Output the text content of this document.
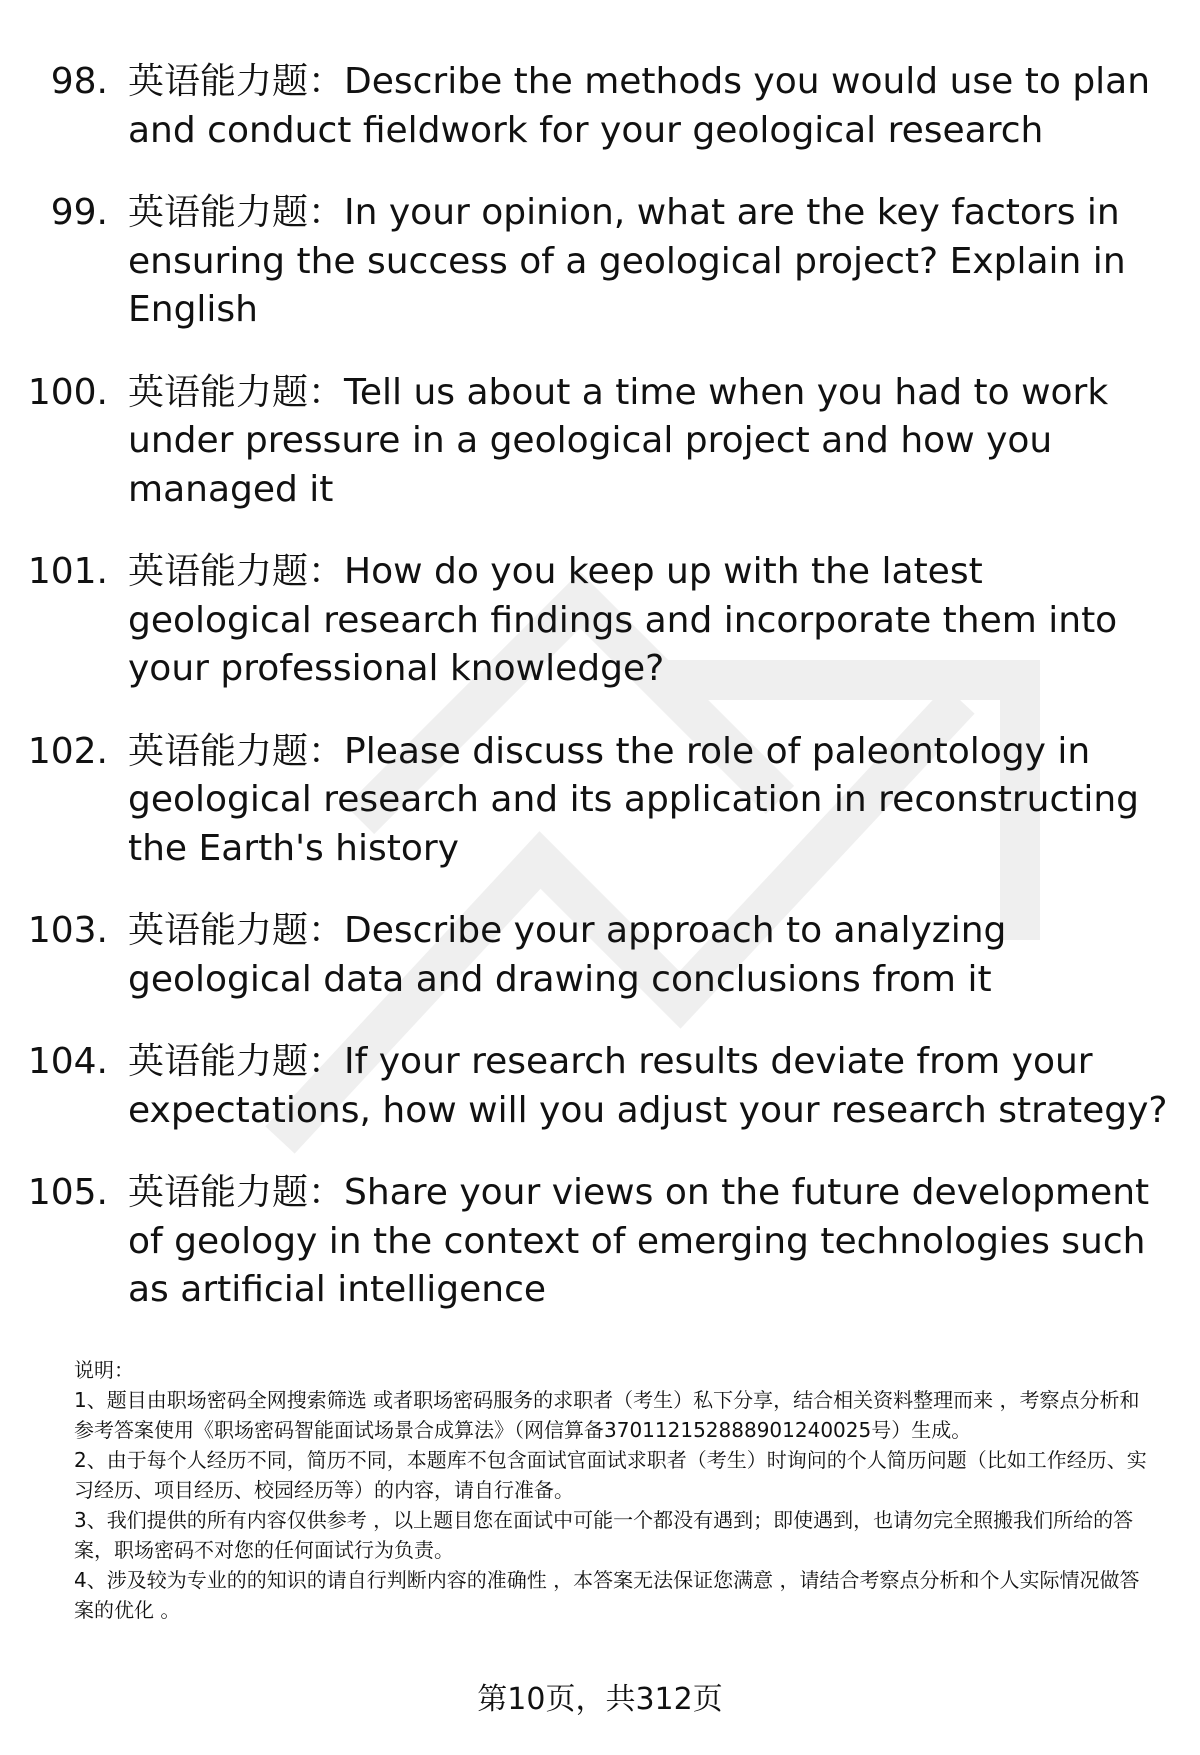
98. 英语能力题：Describe the methods you would use to plan and conduct fieldwork for your geological research
99. 英语能力题：In your opinion, what are the key factors in ensuring the success of a geological project? Explain in English
100. 英语能力题：Tell us about a time when you had to work under pressure in a geological project and how you managed it
101. 英语能力题：How do you keep up with the latest geological research findings and incorporate them into your professional knowledge?
102. 英语能力题：Please discuss the role of paleontology in geological research and its application in reconstructing the Earth's history
103. 英语能力题：Describe your approach to analyzing geological data and drawing conclusions from it
104. 英语能力题：If your research results deviate from your expectations, how will you adjust your research strategy?
105. 英语能力题：Share your views on the future development of geology in the context of emerging technologies such as artificial intelligence

说明：

1、题目由职场密码全网搜索筛选 或者职场密码服务的求职者（考生）私下分享，结合相关资料整理而来 ，考察点分析和参考答案使用《职场密码智能面试场景合成算法》（网信算备370112152888901240025号）生成。

2、由于每个人经历不同，简历不同，本题库不包含面试官面试求职者（考生）时询问的个人简历问题（比如工作经历、实习经历、项目经历、校园经历等）的内容，请自行准备。

3、我们提供的所有内容仅供参考 ，以上题目您在面试中可能一个都没有遇到；即使遇到，也请勿完全照搬我们所给的答案，职场密码不对您的任何面试行为负责。

4、涉及较为专业的的知识的请自行判断内容的准确性 ，本答案无法保证您满意 ，请结合考察点分析和个人实际情况做答案的优化 。

第10页，共312页
